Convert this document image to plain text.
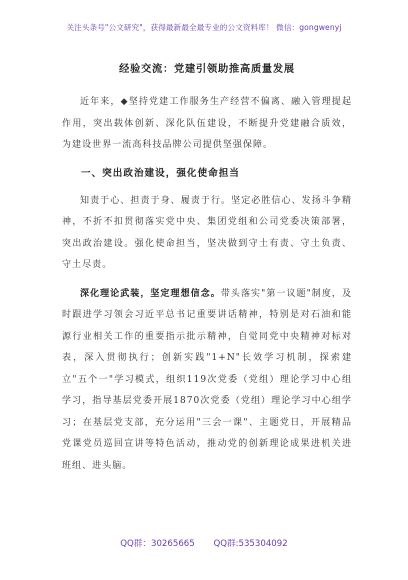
关注头条号"公文研究"，获得最新最全最专业的公文资料库！ 微信：gongwenyj
经验交流：党建引领助推高质量发展

近年来，◆坚持党建工作服务生产经营不偏离、融入管理提起作用，突出载体创新、深化队伍建设，不断提升党建融合质效，为建设世界一流高科技品牌公司提供坚强保障。

一、突出政治建设，强化使命担当

知责于心、担责于身、履责于行。坚定必胜信心、发扬斗争精神，不折不扣贯彻落实党中央、集团党组和公司党委决策部署，突出政治建设。强化使命担当，坚决做到守土有责、守土负责、守土尽责。

深化理论武装，坚定理想信念。带头落实"第一议题"制度，及时跟进学习领会习近平总书记重要讲话精神，特别是对石油和能源行业相关工作的重要指示批示精神，自觉同党中央精神对标对表，深入贯彻执行；创新实践"1+N"长效学习机制，探索建立"五个一"学习模式，组织119次党委（党组）理论学习中心组学习，指导基层党委开展1870次党委（党组）理论学习中心组学习；在基层党支部，充分运用"三会一课"、主题党日，开展精品党课党员巡回宣讲等特色活动，推动党的创新理论成果进机关进班组、进头脑。

QQ群：30265665 QQ群:535304092
